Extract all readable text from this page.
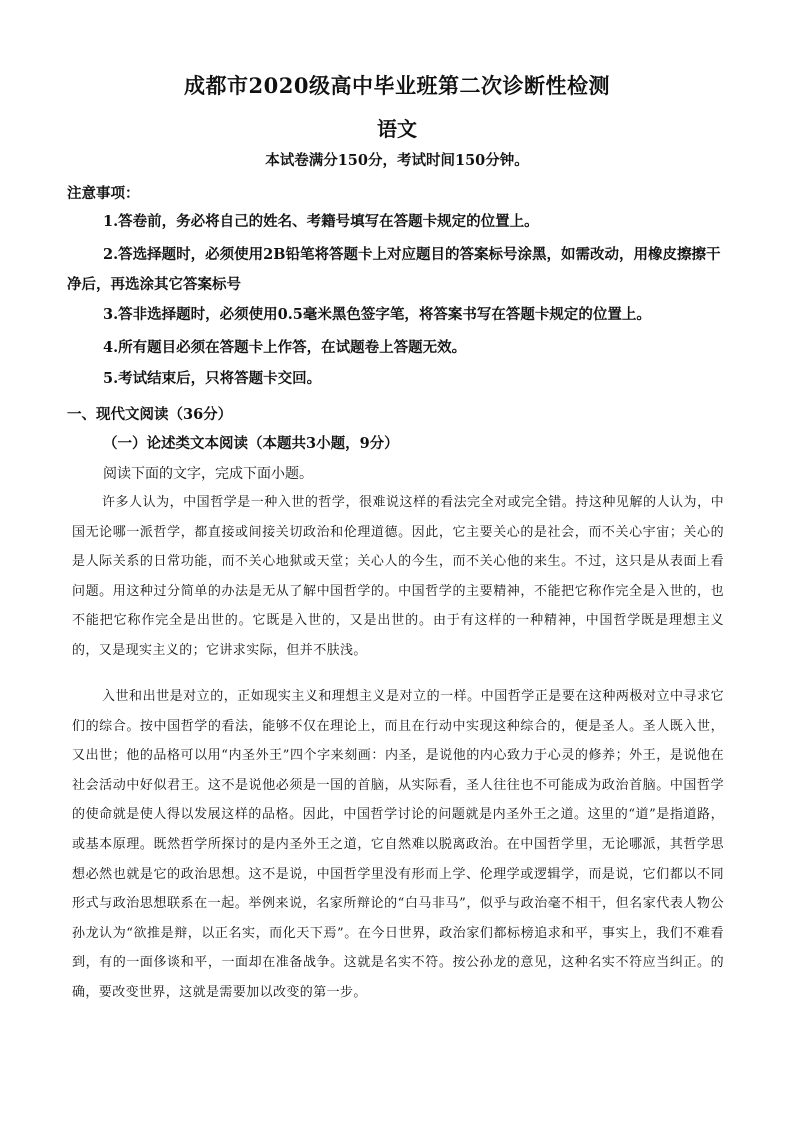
成都市2020级高中毕业班第二次诊断性检测
语文
本试卷满分150分，考试时间150分钟。
注意事项：
1.答卷前，务必将自己的姓名、考籍号填写在答题卡规定的位置上。
2.答选择题时，必须使用2B铅笔将答题卡上对应题目的答案标号涂黑，如需改动，用橡皮擦擦干净后，再选涂其它答案标号
3.答非选择题时，必须使用0.5毫米黑色签字笔，将答案书写在答题卡规定的位置上。
4.所有题目必须在答题卡上作答，在试题卷上答题无效。
5.考试结束后，只将答题卡交回。
一、现代文阅读（36分）
（一）论述类文本阅读（本题共3小题，9分）
阅读下面的文字，完成下面小题。
许多人认为，中国哲学是一种入世的哲学，很难说这样的看法完全对或完全错。持这种见解的人认为，中国无论哪一派哲学，都直接或间接关切政治和伦理道德。因此，它主要关心的是社会，而不关心宇宙；关心的是人际关系的日常功能，而不关心地狱或天堂；关心人的今生，而不关心他的来生。不过，这只是从表面上看问题。用这种过分简单的办法是无从了解中国哲学的。中国哲学的主要精神，不能把它称作完全是入世的，也不能把它称作完全是出世的。它既是入世的，又是出世的。由于有这样的一种精神，中国哲学既是理想主义的，又是现实主义的；它讲求实际，但并不肤浅。
入世和出世是对立的，正如现实主义和理想主义是对立的一样。中国哲学正是要在这种两极对立中寻求它们的综合。按中国哲学的看法，能够不仅在理论上，而且在行动中实现这种综合的，便是圣人。圣人既入世，又出世；他的品格可以用“内圣外王”四个字来刻画：内圣，是说他的内心致力于心灵的修养；外王，是说他在社会活动中好似君王。这不是说他必须是一国的首脑，从实际看，圣人往往也不可能成为政治首脑。中国哲学的使命就是使人得以发展这样的品格。因此，中国哲学讨论的问题就是内圣外王之道。这里的“道”是指道路，或基本原理。既然哲学所探讨的是内圣外王之道，它自然难以脱离政治。在中国哲学里，无论哪派，其哲学思想必然也就是它的政治思想。这不是说，中国哲学里没有形而上学、伦理学或逻辑学，而是说，它们都以不同形式与政治思想联系在一起。举例来说，名家所辩论的“白马非马”，似乎与政治毫不相干，但名家代表人物公孙龙认为“欲推是辩，以正名实，而化天下焉”。在今日世界，政治家们都标榜追求和平，事实上，我们不难看到，有的一面侈谈和平，一面却在准备战争。这就是名实不符。按公孙龙的意见，这种名实不符应当纠正。的确，要改变世界，这就是需要加以改变的第一步。
